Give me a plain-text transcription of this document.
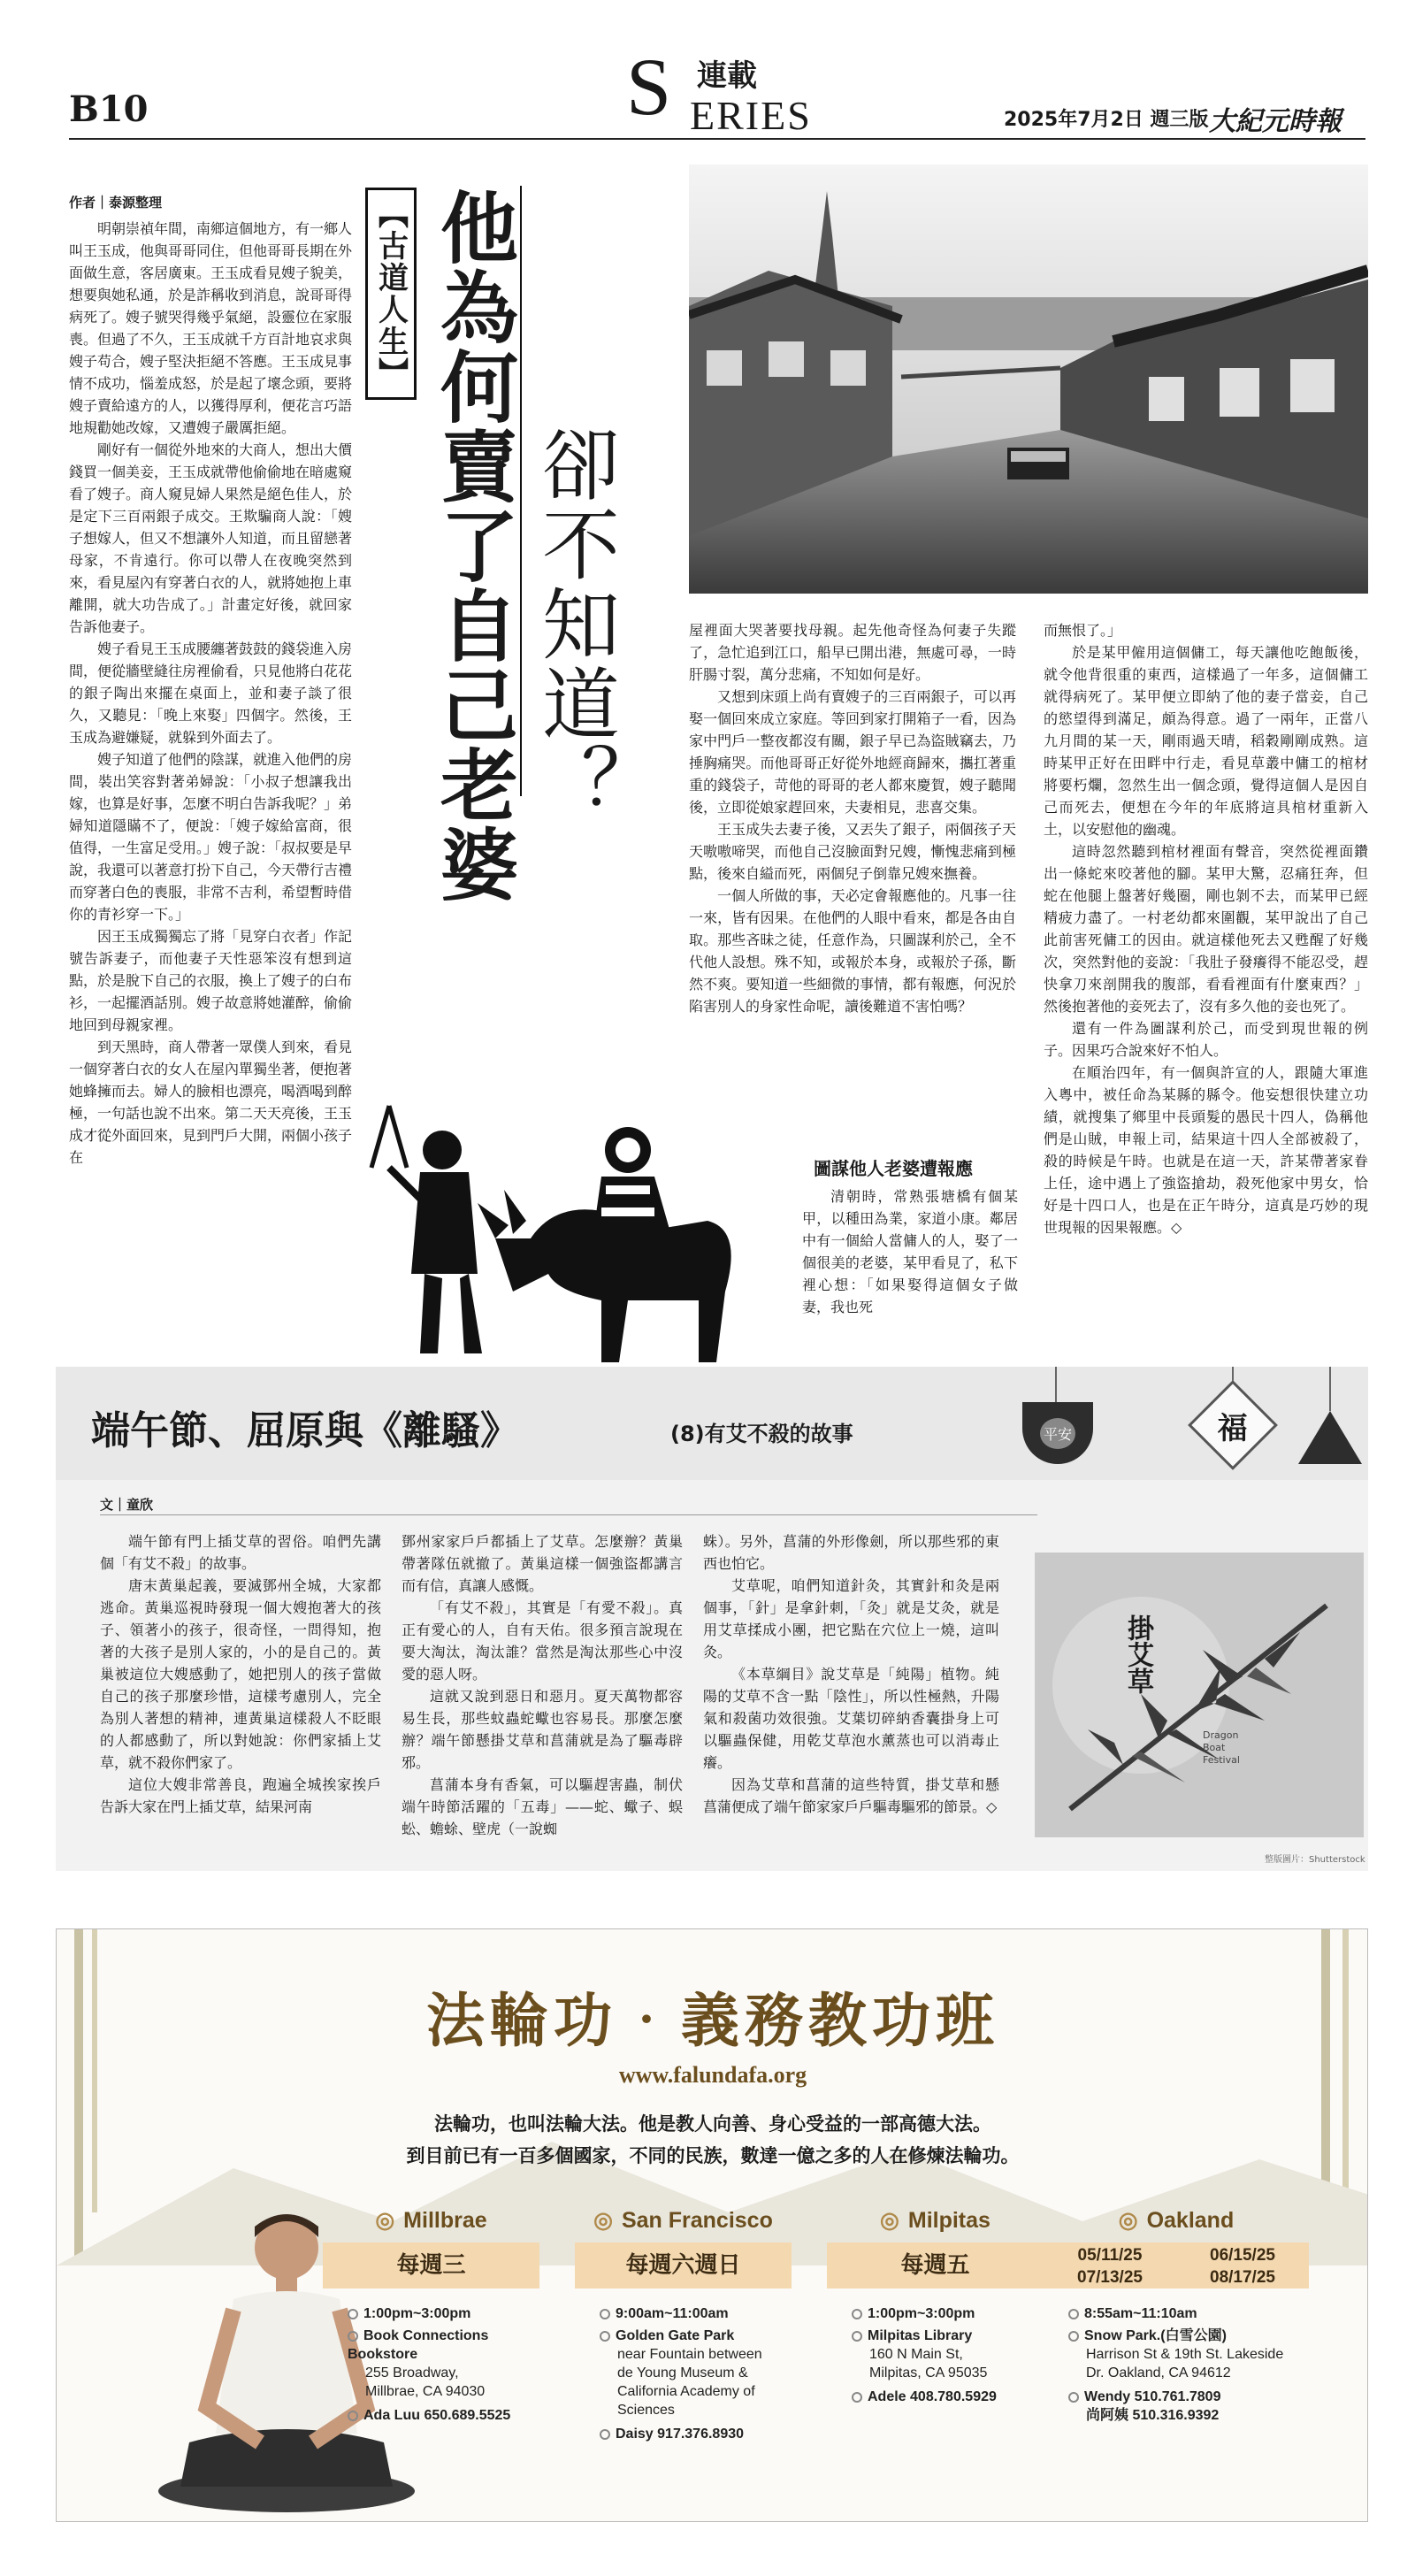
B10	S 連載
ERIES	2025年7月2日 週三版 大紀元時報
作者｜泰源整理

明朝崇禎年間，南鄉這個地方，有一鄉人叫王玉成，他與哥哥同住，但他哥哥長期在外面做生意，客居廣東。王玉成看見嫂子貌美，想要與她私通，於是詐稱收到消息，說哥哥得病死了。嫂子號哭得幾乎氣絕，設靈位在家服喪。但過了不久，王玉成就千方百計地哀求與嫂子苟合，嫂子堅決拒絕不答應。王玉成見事情不成功，惱羞成怒，於是起了壞念頭，要將嫂子賣給遠方的人，以獲得厚利，便花言巧語地規勸她改嫁，又遭嫂子嚴厲拒絕。

剛好有一個從外地來的大商人，想出大價錢買一個美妾，王玉成就帶他偷偷地在暗處窺看了嫂子。商人窺見婦人果然是絕色佳人，於是定下三百兩銀子成交。王欺騙商人說：「嫂子想嫁人，但又不想讓外人知道，而且留戀著母家，不肯遠行。你可以帶人在夜晚突然到來，看見屋內有穿著白衣的人，就將她抱上車離開，就大功告成了。」計畫定好後，就回家告訴他妻子。

嫂子看見王玉成腰纏著鼓鼓的錢袋進入房間，便從牆壁縫往房裡偷看，只見他將白花花的銀子陶出來擺在桌面上，並和妻子談了很久，又聽見：「晚上來娶」四個字。然後，王玉成為避嫌疑，就躲到外面去了。

嫂子知道了他們的陰謀，就進入他們的房間，裝出笑容對著弟婦說：「小叔子想讓我出嫁，也算是好事，怎麼不明白告訴我呢？」弟婦知道隱瞞不了，便說：「嫂子嫁給富商，很值得，一生富足受用。」嫂子說：「叔叔要是早說，我還可以著意打扮下自己，今天帶行吉禮而穿著白色的喪服，非常不吉利，希望暫時借你的青衫穿一下。」

因王玉成獨獨忘了將「見穿白衣者」作記號告訴妻子，而他妻子天性惡笨沒有想到這點，於是脫下自己的衣服，換上了嫂子的白布衫，一起擺酒話別。嫂子故意將她灌醉，偷偷地回到母親家裡。

到天黑時，商人帶著一眾僕人到來，看見一個穿著白衣的女人在屋內單獨坐著，便抱著她蜂擁而去。婦人的臉相也漂亮，喝酒喝到醉極，一句話也說不出來。第二天天亮後，王玉成才從外面回來，見到門戶大開，兩個小孩子在

【古道人生】 他為何賣了自己老婆 卻不知道？	屋裡面大哭著要找母親。起先他奇怪為何妻子失蹤了，急忙追到江口，船早已開出港，無處可尋，一時肝腸寸裂，萬分悲痛，不知如何是好。

又想到床頭上尚有賣嫂子的三百兩銀子，可以再娶一個回來成立家庭。等回到家打開箱子一看，因為家中門戶一整夜都沒有關，銀子早已為盜賊竊去，乃捶胸痛哭。而他哥哥正好從外地經商歸來，攜扛著重重的錢袋子，苛他的哥哥的老人都來慶賀，嫂子聽聞後，立即從娘家趕回來，夫妻相見，悲喜交集。

王玉成失去妻子後，又丟失了銀子，兩個孩子天天嗷嗷啼哭，而他自己沒臉面對兄嫂，慚愧悲痛到極點，後來自縊而死，兩個兒子倒靠兄嫂來撫養。

一個人所做的事，天必定會報應他的。凡事一往一來，皆有因果。在他們的人眼中看來，都是各由自取。那些吝昧之徒，任意作為，只圖謀利於己，全不代他人設想。殊不知，或報於本身，或報於子孫，斷然不爽。要知道一些細微的事情，都有報應，何況於陷害別人的身家性命呢，讀後難道不害怕嗎？

圖謀他人老婆遭報應

清朝時，常熟張塘橋有個某甲，以種田為業，家道小康。鄰居中有一個給人當傭人的人，娶了一個很美的老婆，某甲看見了，私下裡心想：「如果娶得這個女子做妻，我也死

而無恨了。」

於是某甲僱用這個傭工，每天讓他吃飽飯後，就令他背很重的東西，這樣過了一年多，這個傭工就得病死了。某甲便立即納了他的妻子當妾，自己的慾望得到滿足，頗為得意。過了一兩年，正當八九月間的某一天，剛雨過天晴，稻穀剛剛成熟。這時某甲正好在田畔中行走，看見草叢中傭工的棺材將要朽爛，忽然生出一個念頭，覺得這個人是因自己而死去，便想在今年的年底將這具棺材重新入土，以安慰他的幽魂。

這時忽然聽到棺材裡面有聲音，突然從裡面鑽出一條蛇來咬著他的腳。某甲大驚，忍痛狂奔，但蛇在他腿上盤著好幾圈，剛也剝不去，而某甲已經精疲力盡了。一村老幼都來圍觀，某甲說出了自己此前害死傭工的因由。就這樣他死去又甦醒了好幾次，突然對他的妾說：「我肚子發癢得不能忍受，趕快拿刀來剖開我的腹部，看看裡面有什麼東西？」然後抱著他的妾死去了，沒有多久他的妾也死了。

還有一件為圖謀利於己，而受到現世報的例子。因果巧合說來好不怕人。

在順治四年，有一個與許宣的人，跟隨大軍進入粵中，被任命為某縣的縣令。他妄想很快建立功績，就搜集了鄉里中長頭髮的愚民十四人，偽稱他們是山賊，申報上司，結果這十四人全部被殺了，殺的時候是午時。也就是在這一天，許某帶著家眷上任，途中遇上了強盜搶劫，殺死他家中男女，恰好是十四口人，也是在正午時分，這真是巧妙的現世現報的因果報應。◇

端午節、屈原與《離騷》	(8)有艾不殺的故事	平安	福
文｜童欣

端午節有門上插艾草的習俗。咱們先講個「有艾不殺」的故事。

唐末黃巢起義，要滅鄧州全城，大家都逃命。黃巢巡視時發現一個大嫂抱著大的孩子、領著小的孩子，很奇怪，一問得知，抱著的大孩子是別人家的，小的是自己的。黃巢被這位大嫂感動了，她把別人的孩子當做自己的孩子那麼珍惜，這樣考慮別人，完全為別人著想的精神，連黃巢這樣殺人不眨眼的人都感動了，所以對她說：你們家插上艾草，就不殺你們家了。

這位大嫂非常善良，跑遍全城挨家挨戶告訴大家在門上插艾草，結果河南

鄧州家家戶戶都插上了艾草。怎麼辦？黃巢帶著隊伍就撤了。黃巢這樣一個強盜都講言而有信，真讓人感慨。

「有艾不殺」，其實是「有愛不殺」。真正有愛心的人，自有天佑。很多預言說現在要大淘汰，淘汰誰？當然是淘汰那些心中沒愛的惡人呀。

這就又說到惡日和惡月。夏天萬物都容易生長，那些蚊蟲蛇蠍也容易長。那麼怎麼辦？端午節懸掛艾草和菖蒲就是為了驅毒辟邪。

菖蒲本身有香氣，可以驅趕害蟲，制伏端午時節活躍的「五毒」——蛇、蠍子、蜈蚣、蟾蜍、壁虎（一說蜘

蛛）。另外，菖蒲的外形像劍，所以那些邪的東西也怕它。

艾草呢，咱們知道針灸，其實針和灸是兩個事，「針」是拿針刺，「灸」就是艾灸，就是用艾草揉成小團，把它點在穴位上一燒，這叫灸。

《本草綱目》說艾草是「純陽」植物。純陽的艾草不含一點「陰性」，所以性極熱，升陽氣和殺菌功效很強。艾葉切碎納香囊掛身上可以驅蟲保健，用乾艾草泡水薰蒸也可以消毒止癢。

因為艾草和菖蒲的這些特質，掛艾草和懸菖蒲便成了端午節家家戶戶驅毒驅邪的節景。◇

掛艾草
Dragon Boat Festival
整版圖片：Shutterstock
法輪功‧義務教功班
www.falundafa.org
法輪功，也叫法輪大法。他是教人向善、身心受益的一部高德大法。
到目前已有一百多個國家，不同的民族，數達一億之多的人在修煉法輪功。
◎ Millbrae
每週三
1:00pm~3:00pm
Book Connections Bookstore
255 Broadway,
Millbrae, CA 94030
Ada Luu 650.689.5525
◎ San Francisco
每週六週日
9:00am~11:00am
Golden Gate Park
near Fountain between
de Young Museum &
California Academy of Sciences
Daisy 917.376.8930
◎ Milpitas
每週五
1:00pm~3:00pm
Milpitas Library
160 N Main St,
Milpitas, CA 95035
Adele 408.780.5929
◎ Oakland
05/11/25	06/15/25
07/13/25	08/17/25
8:55am~11:10am
Snow Park.(白雪公園)
Harrison St & 19th St. Lakeside
Dr. Oakland, CA 94612
Wendy 510.761.7809
尚阿姨 510.316.9392
